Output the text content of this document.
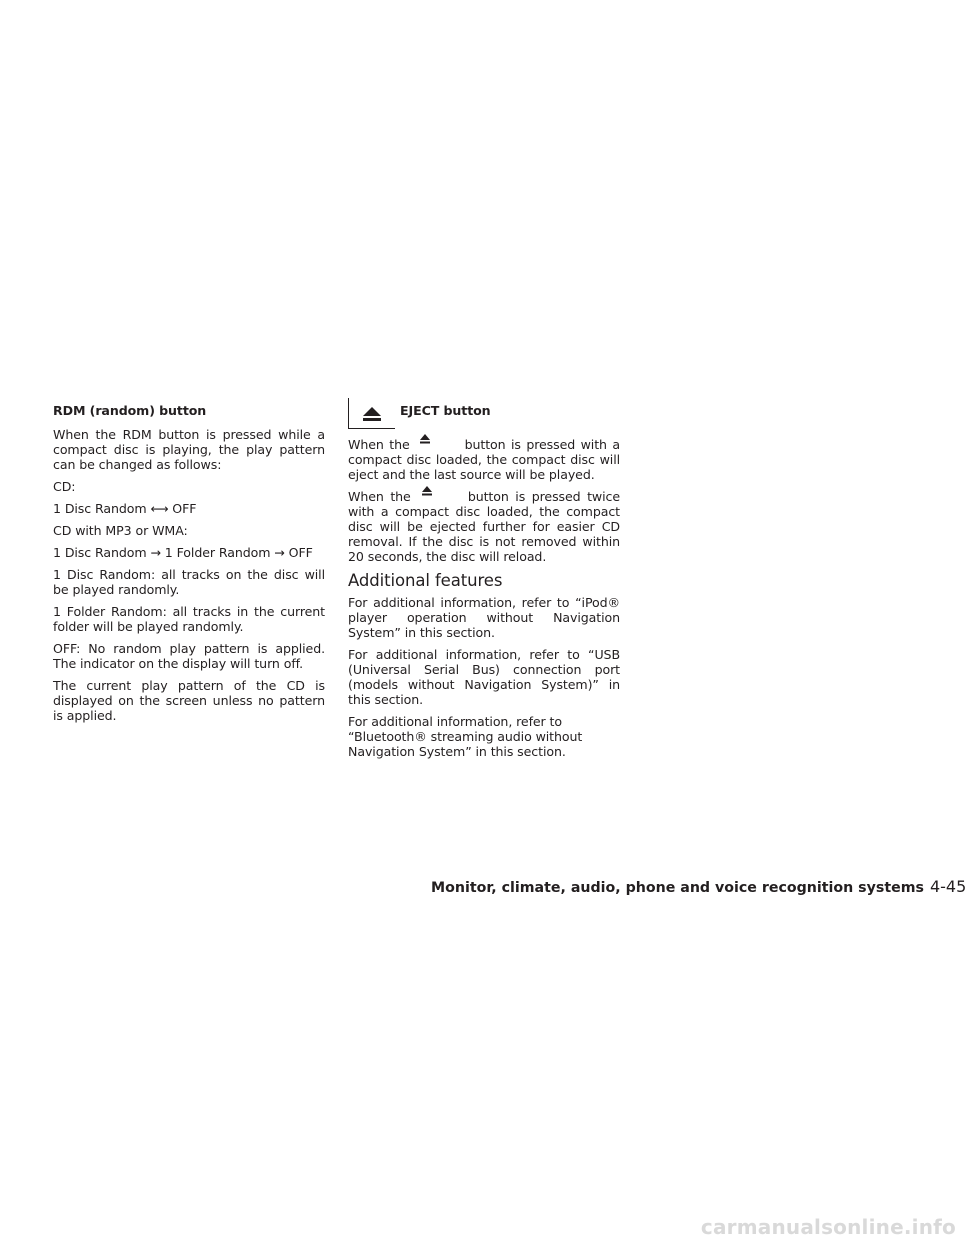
RDM (random) button

When the RDM button is pressed while a compact disc is playing, the play pattern can be changed as follows:

CD:

1 Disc Random ⟷ OFF

CD with MP3 or WMA:

1 Disc Random → 1 Folder Random → OFF

1 Disc Random: all tracks on the disc will be played randomly.

1 Folder Random: all tracks in the current folder will be played randomly.

OFF: No random play pattern is applied. The indicator on the display will turn off.

The current play pattern of the CD is displayed on the screen unless no pattern is applied.

EJECT button

When the	button is pressed with a compact disc loaded, the compact disc will eject and the last source will be played.

When the	button is pressed twice with a compact disc loaded, the compact disc will be ejected further for easier CD removal. If the disc is not removed within 20 seconds, the disc will reload.

Additional features

For additional information, refer to “iPod® player operation without Navigation System” in this section.

For additional information, refer to “USB (Universal Serial Bus) connection port (models without Navigation System)” in this section.

For additional information, refer to “Bluetooth® streaming audio without Navigation System” in this section.

Monitor, climate, audio, phone and voice recognition systems 4-45
carmanualsonline.info
